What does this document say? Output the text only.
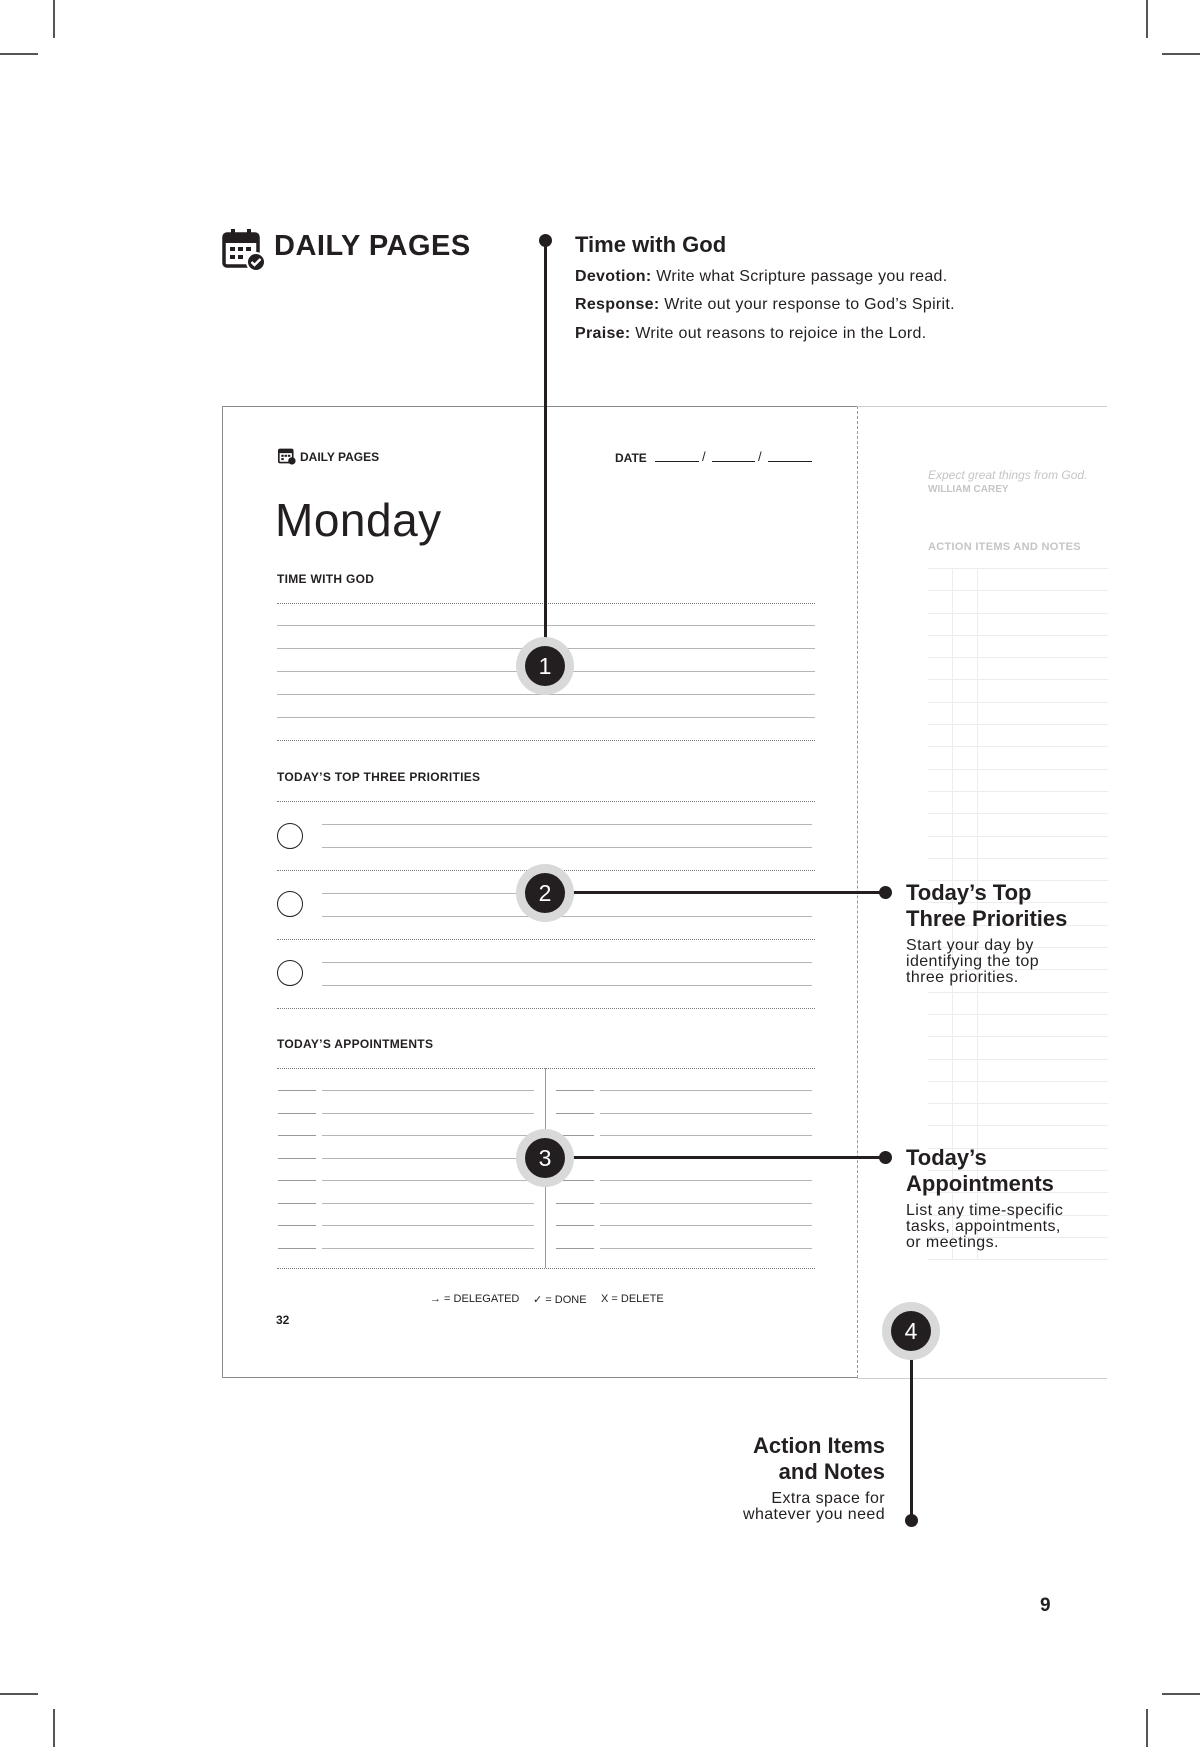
DAILY PAGES	Time with God
Devotion: Write what Scripture passage you read.
Response: Write out your response to God’s Spirit.
Praise: Write out reasons to rejoice in the Lord.
Expect great things from God.
WILLIAM CAREY
ACTION ITEMS AND NOTES
DAILY PAGES	DATE	/	/
Monday
TIME WITH GOD
TODAY’S TOP THREE PRIORITIES
TODAY’S APPOINTMENTS
→ = DELEGATED ✓ = DONE X = DELETE
32
1
2
3
4
Today’s Top
Three Priorities
Start your day by
identifying the top
three priorities.
Today’s
Appointments
List any time-specific
tasks, appointments,
or meetings.
Action Items
and Notes
Extra space for
whatever you need
9
